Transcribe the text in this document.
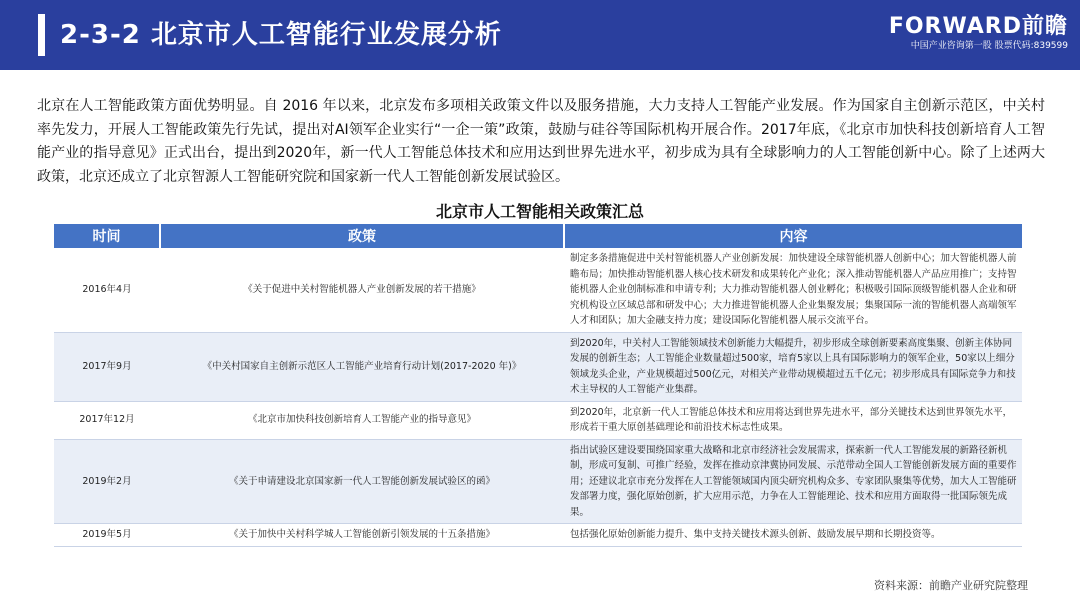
2-3-2 北京市人工智能行业发展分析	FORWARD前瞻
中国产业咨询第一股 股票代码:839599
北京在人工智能政策方面优势明显。自 2016 年以来，北京发布多项相关政策文件以及服务措施，大力支持人工智能产业发展。作为国家自主创新示范区，中关村率先发力，开展人工智能政策先行先试，提出对AI领军企业实行“一企一策”政策，鼓励与硅谷等国际机构开展合作。2017年底，《北京市加快科技创新培育人工智能产业的指导意见》正式出台，提出到2020年，新一代人工智能总体技术和应用达到世界先进水平，初步成为具有全球影响力的人工智能创新中心。除了上述两大政策，北京还成立了北京智源人工智能研究院和国家新一代人工智能创新发展试验区。
北京市人工智能相关政策汇总
时间	政策	内容
2016年4月	《关于促进中关村智能机器人产业创新发展的若干措施》	制定多条措施促进中关村智能机器人产业创新发展：加快建设全球智能机器人创新中心；加大智能机器人前瞻布局；加快推动智能机器人核心技术研发和成果转化产业化；深入推动智能机器人产品应用推广；支持智能机器人企业创制标准和申请专利；大力推动智能机器人创业孵化；积极吸引国际顶级智能机器人企业和研究机构设立区域总部和研发中心；大力推进智能机器人企业集聚发展；集聚国际一流的智能机器人高端领军人才和团队；加大金融支持力度；建设国际化智能机器人展示交流平台。
2017年9月	《中关村国家自主创新示范区人工智能产业培育行动计划(2017-2020 年)》	到2020年，中关村人工智能领域技术创新能力大幅提升，初步形成全球创新要素高度集聚、创新主体协同发展的创新生态；人工智能企业数量超过500家，培育5家以上具有国际影响力的领军企业，50家以上细分领域龙头企业，产业规模超过500亿元，对相关产业带动规模超过五千亿元；初步形成具有国际竞争力和技术主导权的人工智能产业集群。
2017年12月	《北京市加快科技创新培育人工智能产业的指导意见》	到2020年，北京新一代人工智能总体技术和应用将达到世界先进水平，部分关键技术达到世界领先水平，形成若干重大原创基础理论和前沿技术标志性成果。
2019年2月	《关于申请建设北京国家新一代人工智能创新发展试验区的函》	指出试验区建设要围绕国家重大战略和北京市经济社会发展需求，探索新一代人工智能发展的新路径新机制，形成可复制、可推广经验，发挥在推动京津冀协同发展、示范带动全国人工智能创新发展方面的重要作用；还建议北京市充分发挥在人工智能领域国内顶尖研究机构众多、专家团队聚集等优势，加大人工智能研发部署力度，强化原始创新，扩大应用示范，力争在人工智能理论、技术和应用方面取得一批国际领先成果。
2019年5月	《关于加快中关村科学城人工智能创新引领发展的十五条措施》	包括强化原始创新能力提升、集中支持关键技术源头创新、鼓励发展早期和长期投资等。
资料来源：前瞻产业研究院整理
